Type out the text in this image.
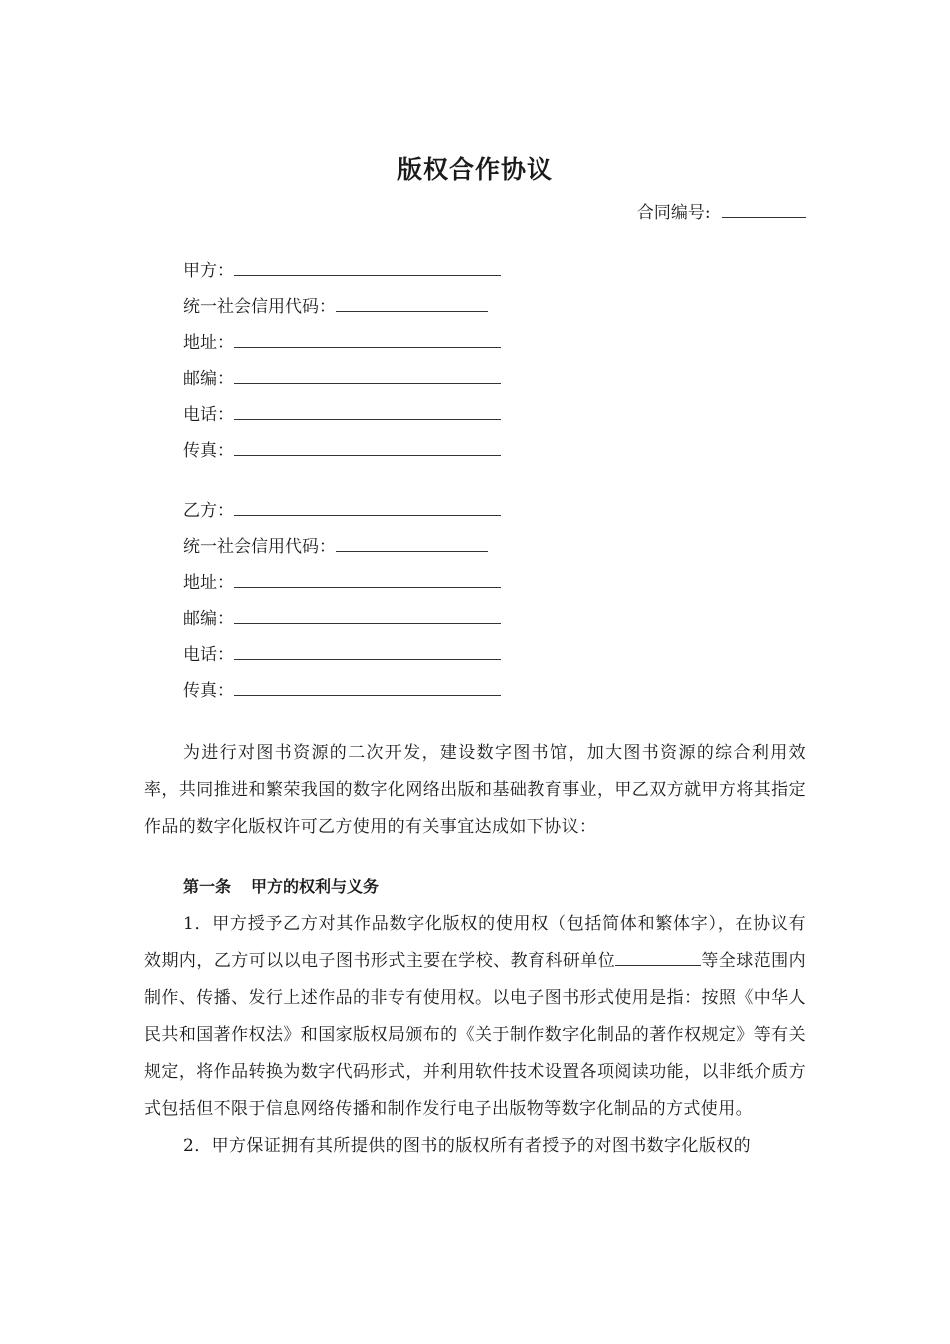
版权合作协议
合同编号:
甲方：
统一社会信用代码：
地址：
邮编：
电话：
传真：
乙方：
统一社会信用代码：
地址：
邮编：
电话：
传真：

为进行对图书资源的二次开发，建设数字图书馆，加大图书资源的综合利用效率，共同推进和繁荣我国的数字化网络出版和基础教育事业，甲乙双方就甲方将其指定作品的数字化版权许可乙方使用的有关事宜达成如下协议：

第一条 甲方的权利与义务

1．甲方授予乙方对其作品数字化版权的使用权（包括简体和繁体字），在协议有效期内，乙方可以以电子图书形式主要在学校、教育科研单位	等全球范围内制作、传播、发行上述作品的非专有使用权。以电子图书形式使用是指：按照《中华人民共和国著作权法》和国家版权局颁布的《关于制作数字化制品的著作权规定》等有关规定，将作品转换为数字代码形式，并利用软件技术设置各项阅读功能，以非纸介质方式包括但不限于信息网络传播和制作发行电子出版物等数字化制品的方式使用。

2．甲方保证拥有其所提供的图书的版权所有者授予的对图书数字化版权的
